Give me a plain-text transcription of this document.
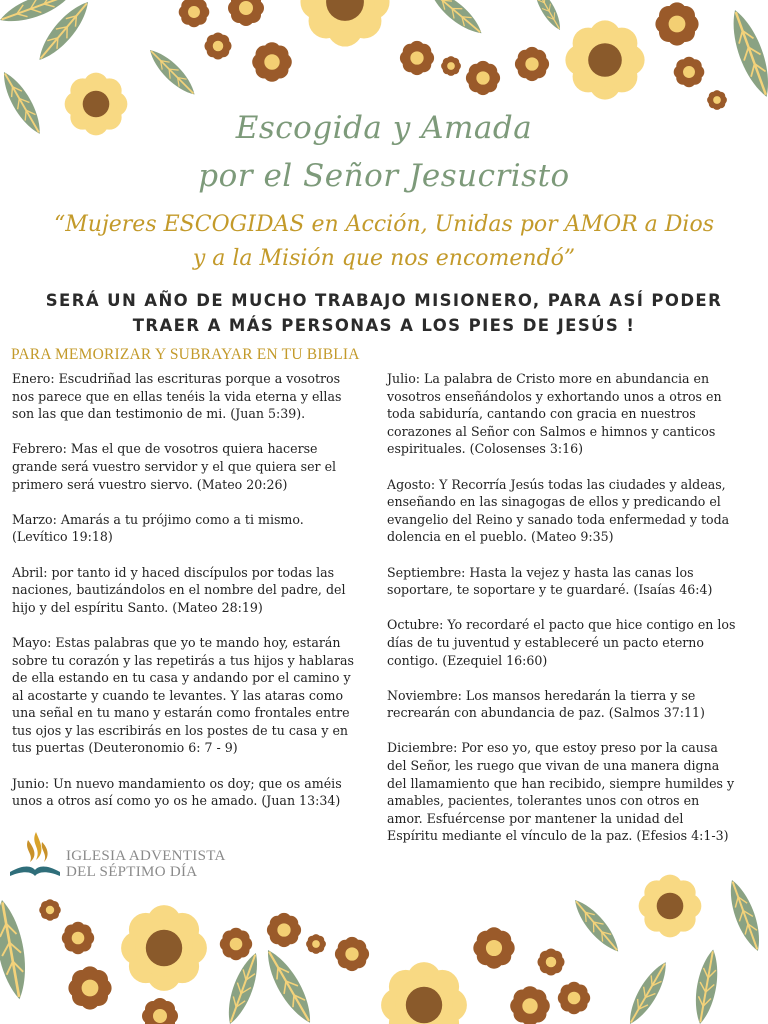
Escogida y Amada
por el Señor Jesucristo
“Mujeres ESCOGIDAS en Acción, Unidas por AMOR a Dios
y a la Misión que nos encomendó”
SERÁ UN AÑO DE MUCHO TRABAJO MISIONERO, PARA ASÍ PODER
TRAER A MÁS PERSONAS A LOS PIES DE JESÚS !
PARA MEMORIZAR Y SUBRAYAR EN TU BIBLIA

Enero: Escudriñad las escrituras porque a vosotros nos parece que en ellas tenéis la vida eterna y ellas son las que dan testimonio de mi. (Juan 5:39).

Febrero: Mas el que de vosotros quiera hacerse grande será vuestro servidor y el que quiera ser el primero será vuestro siervo. (Mateo 20:26)

Marzo: Amarás a tu prójimo como a ti mismo. (Levítico 19:18)

Abril: por tanto id y haced discípulos por todas las naciones, bautizándolos en el nombre del padre, del hijo y del espíritu Santo. (Mateo 28:19)

Mayo: Estas palabras que yo te mando hoy, estarán sobre tu corazón y las repetirás a tus hijos y hablaras de ella estando en tu casa y andando por el camino y al acostarte y cuando te levantes. Y las ataras como una señal en tu mano y estarán como frontales entre tus ojos y las escribirás en los postes de tu casa y en tus puertas (Deuteronomio 6: 7 - 9)

Junio: Un nuevo mandamiento os doy; que os améis unos a otros así como yo os he amado. (Juan 13:34)

Julio: La palabra de Cristo more en abundancia en vosotros enseñándolos y exhortando unos a otros en toda sabiduría, cantando con gracia en nuestros corazones al Señor con Salmos e himnos y canticos espirituales. (Colosenses 3:16)

Agosto: Y Recorría Jesús todas las ciudades y aldeas, enseñando en las sinagogas de ellos y predicando el evangelio del Reino y sanado toda enfermedad y toda dolencia en el pueblo. (Mateo 9:35)

Septiembre: Hasta la vejez y hasta las canas los soportare, te soportare y te guardaré. (Isaías 46:4)

Octubre: Yo recordaré el pacto que hice contigo en los días de tu juventud y estableceré un pacto eterno contigo. (Ezequiel 16:60)

Noviembre: Los mansos heredarán la tierra y se recrearán con abundancia de paz. (Salmos 37:11)

Diciembre: Por eso yo, que estoy preso por la causa del Señor, les ruego que vivan de una manera digna del llamamiento que han recibido, siempre humildes y amables, pacientes, tolerantes unos con otros en amor. Esfuércense por mantener la unidad del Espíritu mediante el vínculo de la paz. (Efesios 4:1-3)

IGLESIA ADVENTISTA
DEL SÉPTIMO DÍA
